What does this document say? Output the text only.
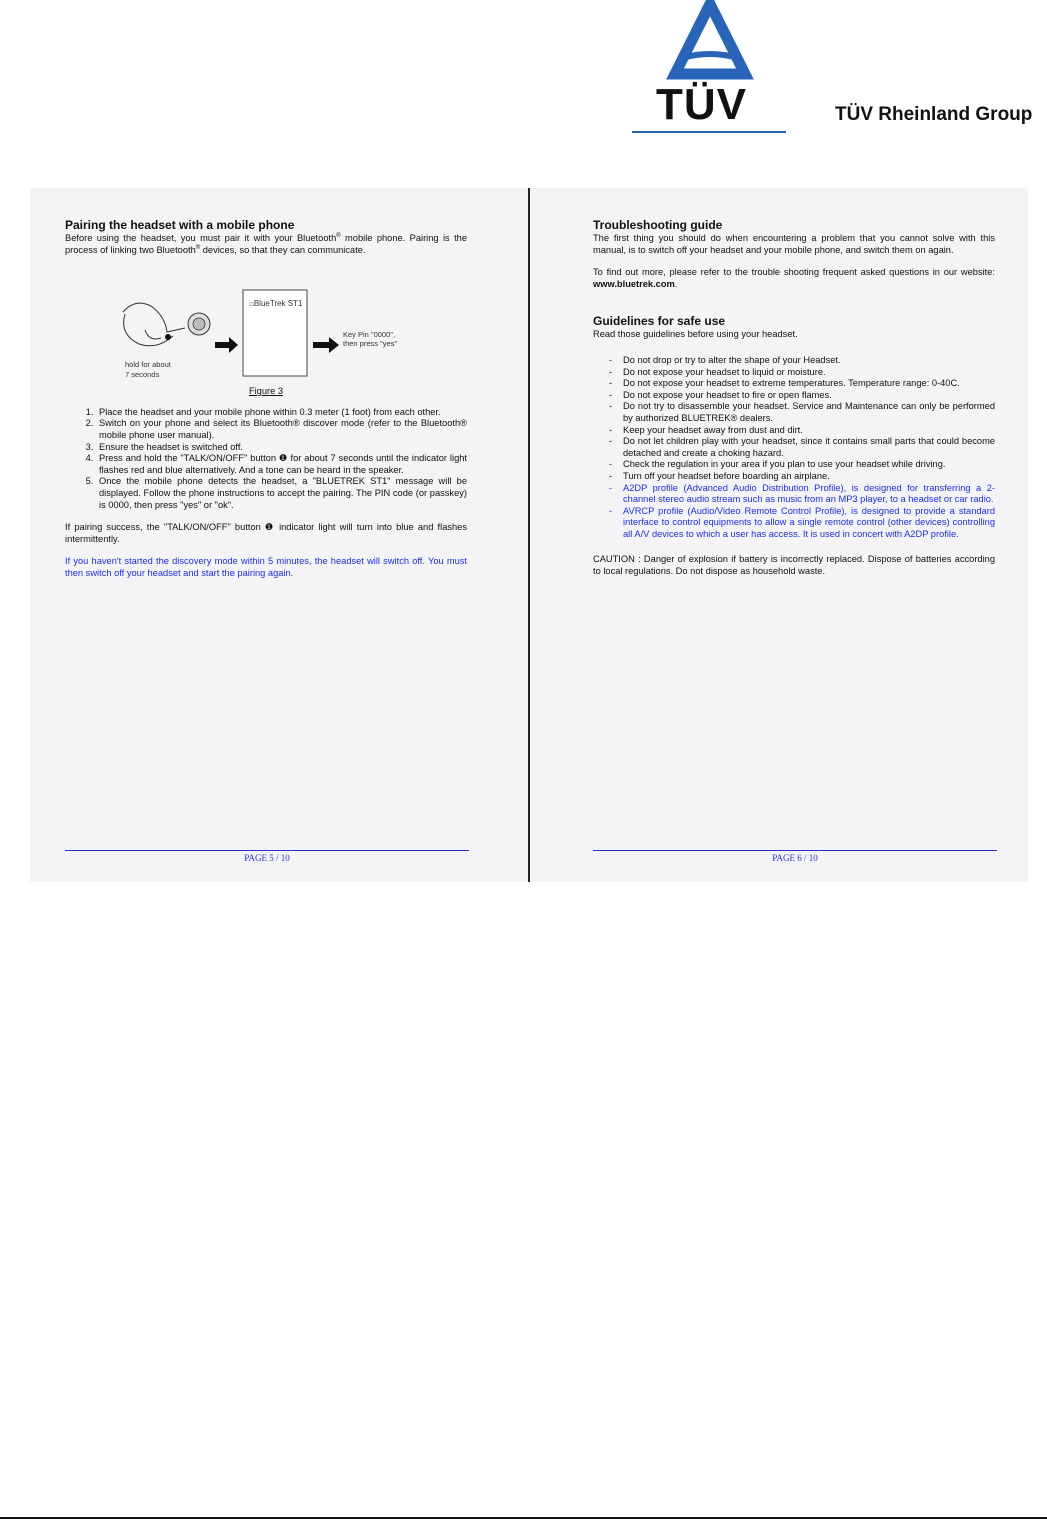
TÜV	TÜV Rheinland Group
Pairing the headset with a mobile phone

Before using the headset, you must pair it with your Bluetooth® mobile phone. Pairing is the process of linking two Bluetooth® devices, so that they can communicate.

hold for about
7 seconds
⌂BlueTrek ST1
Key Pin "0000",
then press "yes"
Figure 3
1. Place the headset and your mobile phone within 0.3 meter (1 foot) from each other.
2. Switch on your phone and select its Bluetooth® discover mode (refer to the Bluetooth® mobile phone user manual).
3. Ensure the headset is switched off.
4. Press and hold the "TALK/ON/OFF" button ❶ for about 7 seconds until the indicator light flashes red and blue alternatively. And a tone can be heard in the speaker.
5. Once the mobile phone detects the headset, a "BLUETREK ST1" message will be displayed. Follow the phone instructions to accept the pairing. The PIN code (or passkey) is 0000, then press "yes" or "ok".

If pairing success, the "TALK/ON/OFF" button ❶ indicator light will turn into blue and flashes intermittently.

If you haven't started the discovery mode within 5 minutes, the headset will switch off. You must then switch off your headset and start the pairing again.

PAGE 5 / 10
Troubleshooting guide

The first thing you should do when encountering a problem that you cannot solve with this manual, is to switch off your headset and your mobile phone, and switch them on again.

To find out more, please refer to the trouble shooting frequent asked questions in our website: www.bluetrek.com.

Guidelines for safe use

Read those guidelines before using your headset.

- Do not drop or try to alter the shape of your Headset.
- Do not expose your headset to liquid or moisture.
- Do not expose your headset to extreme temperatures. Temperature range: 0-40C.
- Do not expose your headset to fire or open flames.
- Do not try to disassemble your headset. Service and Maintenance can only be performed by authorized BLUETREK® dealers.
- Keep your headset away from dust and dirt.
- Do not let children play with your headset, since it contains small parts that could become detached and create a choking hazard.
- Check the regulation in your area if you plan to use your headset while driving.
- Turn off your headset before boarding an airplane.
- A2DP profile (Advanced Audio Distribution Profile), is designed for transferring a 2-channel stereo audio stream such as music from an MP3 player, to a headset or car radio.
- AVRCP profile (Audio/Video Remote Control Profile), is designed to provide a standard interface to control equipments to allow a single remote control (other devices) controlling all A/V devices to which a user has access. It is used in concert with A2DP profile.

CAUTION : Danger of explosion if battery is incorrectly replaced. Dispose of batteries according to local regulations. Do not dispose as household waste.

PAGE 6 / 10
